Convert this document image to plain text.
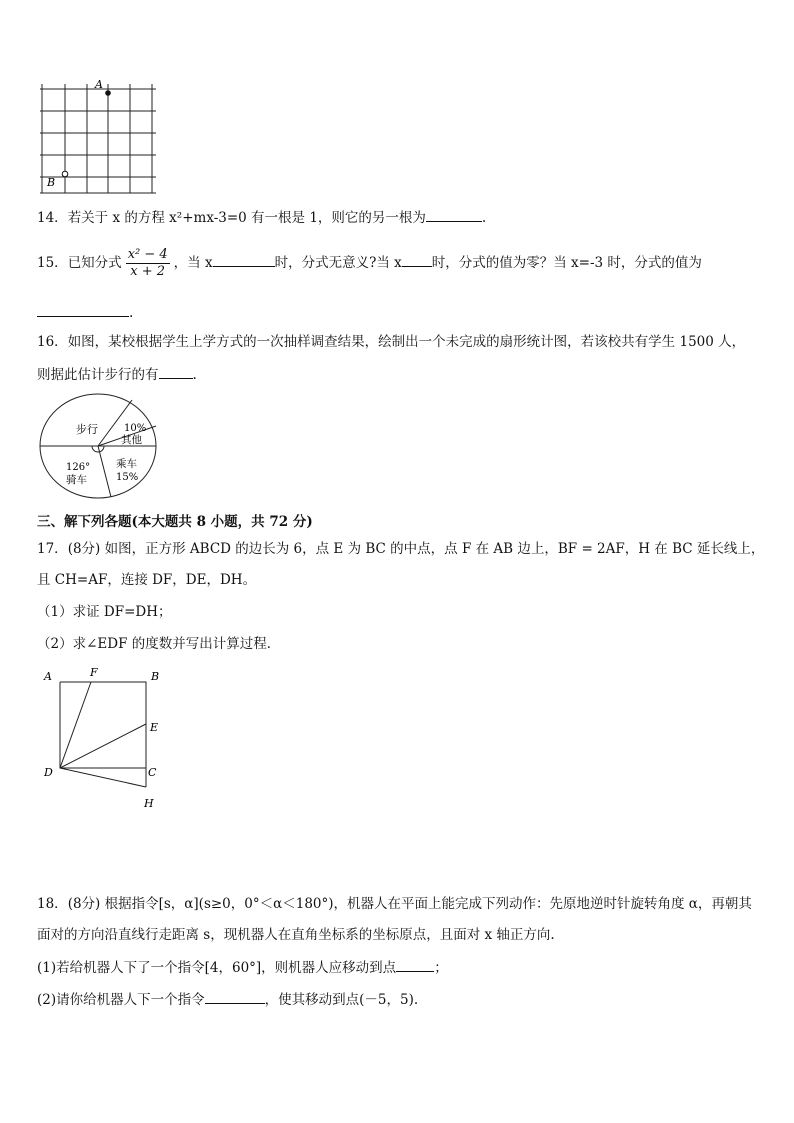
A
B
14．若关于 x 的方程 x²+mx-3=0 有一根是 1，则它的另一根为	.
15．已知分式 $\frac{\text{x² − 4}}{x + 2}$ ，当 x	时，分式无意义?当 x 时，分式的值为零？当 x=-3 时，分式的值为
.
16．如图，某校根据学生上学方式的一次抽样调查结果，绘制出一个未完成的扇形统计图，若该校共有学生 1500 人，
则据此估计步行的有	.
步行	10%
其他
乘车
15%
126°
骑车
三、解下列各题(本大题共 8 小题，共 72 分)
17．(8分) 如图，正方形 ABCD 的边长为 6，点 E 为 BC 的中点，点 F 在 AB 边上，BF = 2AF，H 在 BC 延长线上，
且 CH=AF，连接 DF，DE，DH。
（1）求证 DF=DH；
（2）求∠EDF 的度数并写出计算过程．
A	F	B
E
C
D
H
18．(8分) 根据指令[s，α](s≥0，0°＜α＜180°)，机器人在平面上能完成下列动作：先原地逆时针旋转角度 α，再朝其
面对的方向沿直线行走距离 s，现机器人在直角坐标系的坐标原点，且面对 x 轴正方向.
(1)若给机器人下了一个指令[4，60°]，则机器人应移动到点	；
(2)请你给机器人下一个指令	，使其移动到点(－5，5).
